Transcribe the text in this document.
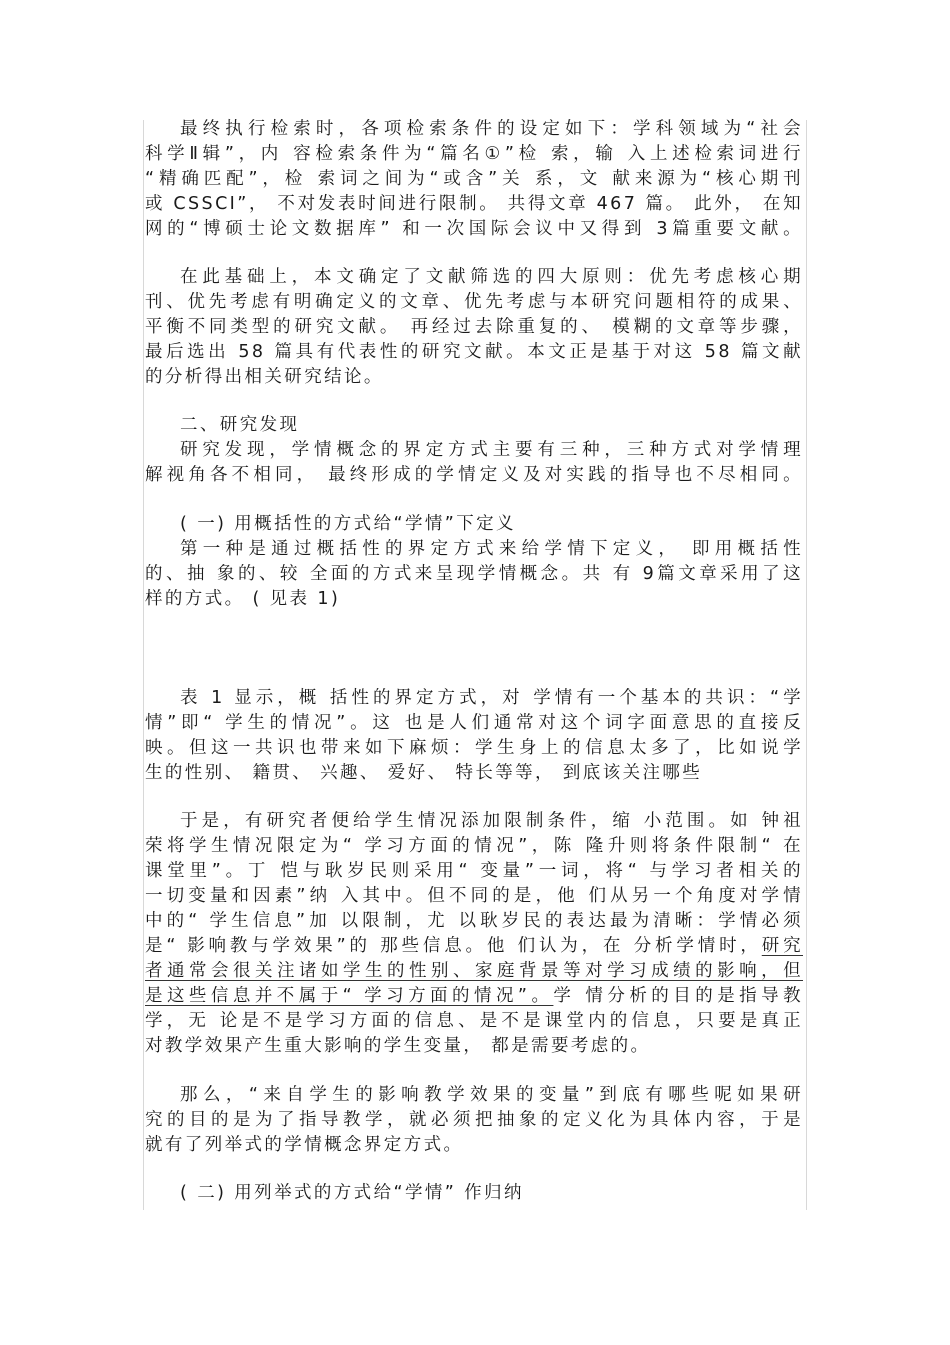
最终执行检索时，各项检索条件的设定如下：学科领域为“社会
科学Ⅱ辑”，内 容检索条件为“篇名①”检 索，输 入上述检索词进行
“精确匹配”，检 索词之间为“或含”关 系，文 献来源为“核心期刊
或 CSSCI”， 不对发表时间进行限制。 共得文章 467 篇。 此外， 在知
网的“博硕士论文数据库” 和一次国际会议中又得到 3篇重要文献。
在此基础上，本文确定了文献筛选的四大原则：优先考虑核心期
刊、优先考虑有明确定义的文章、优先考虑与本研究问题相符的成果、
平衡不同类型的研究文献。 再经过去除重复的、 模糊的文章等步骤，
最后选出 58 篇具有代表性的研究文献。本文正是基于对这 58 篇文献
的分析得出相关研究结论。
二、研究发现
研究发现，学情概念的界定方式主要有三种，三种方式对学情理
解视角各不相同， 最终形成的学情定义及对实践的指导也不尽相同。
( 一) 用概括性的方式给“学情”下定义
第一种是通过概括性的界定方式来给学情下定义， 即用概括性
的、抽 象的、较 全面的方式来呈现学情概念。共 有 9篇文章采用了这
样的方式。 ( 见表 1)
表 1 显示，概 括性的界定方式，对 学情有一个基本的共识：“学
情”即“ 学生的情况”。这 也是人们通常对这个词字面意思的直接反
映。但这一共识也带来如下麻烦：学生身上的信息太多了，比如说学
生的性别、 籍贯、 兴趣、 爱好、 特长等等， 到底该关注哪些
于是，有研究者便给学生情况添加限制条件，缩 小范围。如 钟祖
荣将学生情况限定为“ 学习方面的情况”，陈 隆升则将条件限制“ 在
课堂里”。丁 恺与耿岁民则采用“ 变量”一词，将“ 与学习者相关的
一切变量和因素”纳 入其中。但不同的是，他 们从另一个角度对学情
中的“ 学生信息”加 以限制，尤 以耿岁民的表达最为清晰：学情必须
是“ 影响教与学效果”的 那些信息。他 们认为，在 分析学情时，研究
者通常会很关注诸如学生的性别、家庭背景等对学习成绩的影响，但
是这些信息并不属于“ 学习方面的情况”。学 情分析的目的是指导教
学，无 论是不是学习方面的信息、是不是课堂内的信息，只要是真正
对教学效果产生重大影响的学生变量， 都是需要考虑的。
那么，“来自学生的影响教学效果的变量”到底有哪些呢如果研
究的目的是为了指导教学，就必须把抽象的定义化为具体内容，于是
就有了列举式的学情概念界定方式。
( 二) 用列举式的方式给“学情” 作归纳
